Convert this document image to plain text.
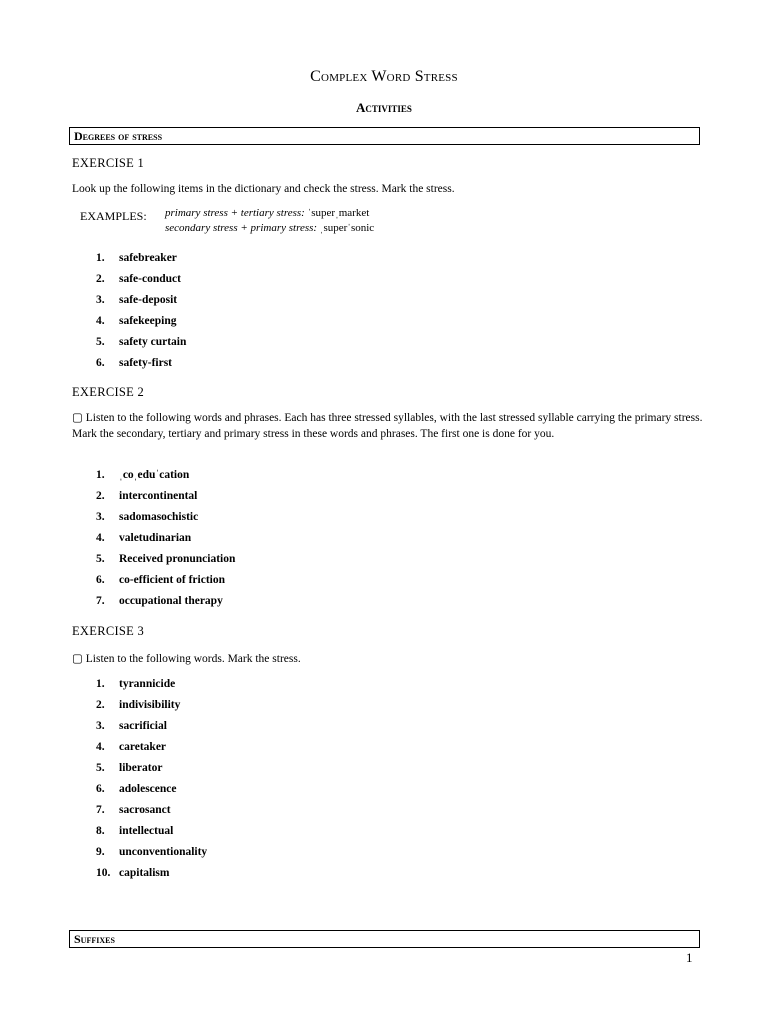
Complex Word Stress
Activities
Degrees of stress
EXERCISE 1
Look up the following items in the dictionary and check the stress. Mark the stress.
EXAMPLES: primary stress + tertiary stress: ˈsuperˌmarket
secondary stress + primary stress: ˌsuperˈsonic
1.	safebreaker
2.	safe-conduct
3.	safe-deposit
4.	safekeeping
5.	safety curtain
6.	safety-first
EXERCISE 2
▢ Listen to the following words and phrases. Each has three stressed syllables, with the last stressed syllable carrying the primary stress. Mark the secondary, tertiary and primary stress in these words and phrases. The first one is done for you.
1.	ˌcoˌeduˈcation
2.	intercontinental
3.	sadomasochistic
4.	valetudinarian
5.	Received pronunciation
6.	co-efficient of friction
7.	occupational therapy
EXERCISE 3
▢ Listen to the following words. Mark the stress.
1.	tyrannicide
2.	indivisibility
3.	sacrificial
4.	caretaker
5.	liberator
6.	adolescence
7.	sacrosanct
8.	intellectual
9.	unconventionality
10. capitalism
Suffixes
1
